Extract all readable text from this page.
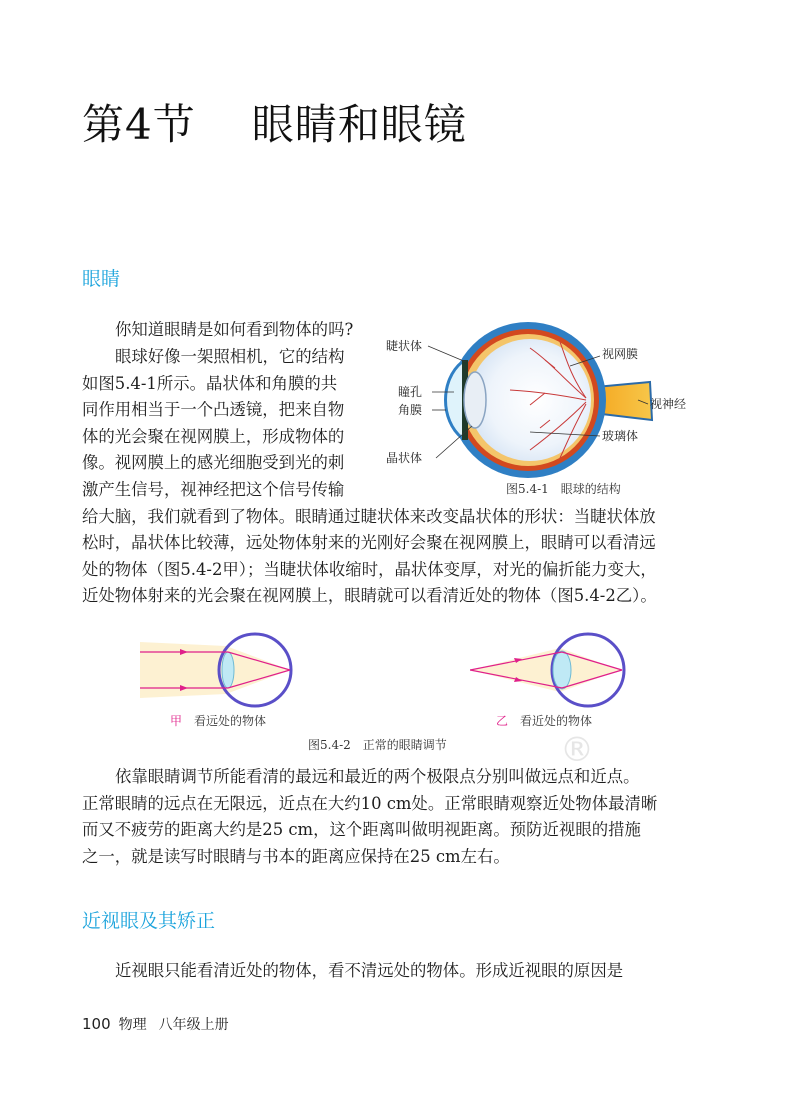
第4节 眼睛和眼镜
眼睛

你知道眼睛是如何看到物体的吗?

眼球好像一架照相机，它的结构
如图5.4-1所示。晶状体和角膜的共
同作用相当于一个凸透镜，把来自物
体的光会聚在视网膜上，形成物体的
像。视网膜上的感光细胞受到光的刺
激产生信号，视神经把这个信号传输
给大脑，我们就看到了物体。眼睛通过睫状体来改变晶状体的形状：当睫状体放
松时，晶状体比较薄，远处物体射来的光刚好会聚在视网膜上，眼睛可以看清远
处的物体（图5.4-2甲）；当睫状体收缩时，晶状体变厚，对光的偏折能力变大，
近处物体射来的光会聚在视网膜上，眼睛就可以看清近处的物体（图5.4-2乙）。

睫状体
瞳孔
角膜
晶状体
视网膜
视神经
玻璃体

图5.4-1 眼球的结构

甲 看远处的物体	乙 看近处的物体

图5.4-2 正常的眼睛调节	®

依靠眼睛调节所能看清的最远和最近的两个极限点分别叫做远点和近点。
正常眼睛的远点在无限远，近点在大约10 cm处。正常眼睛观察近处物体最清晰
而又不疲劳的距离大约是25 cm，这个距离叫做明视距离。预防近视眼的措施
之一，就是读写时眼睛与书本的距离应保持在25 cm左右。

近视眼及其矫正

近视眼只能看清近处的物体，看不清远处的物体。形成近视眼的原因是

100 物理 八年级上册
